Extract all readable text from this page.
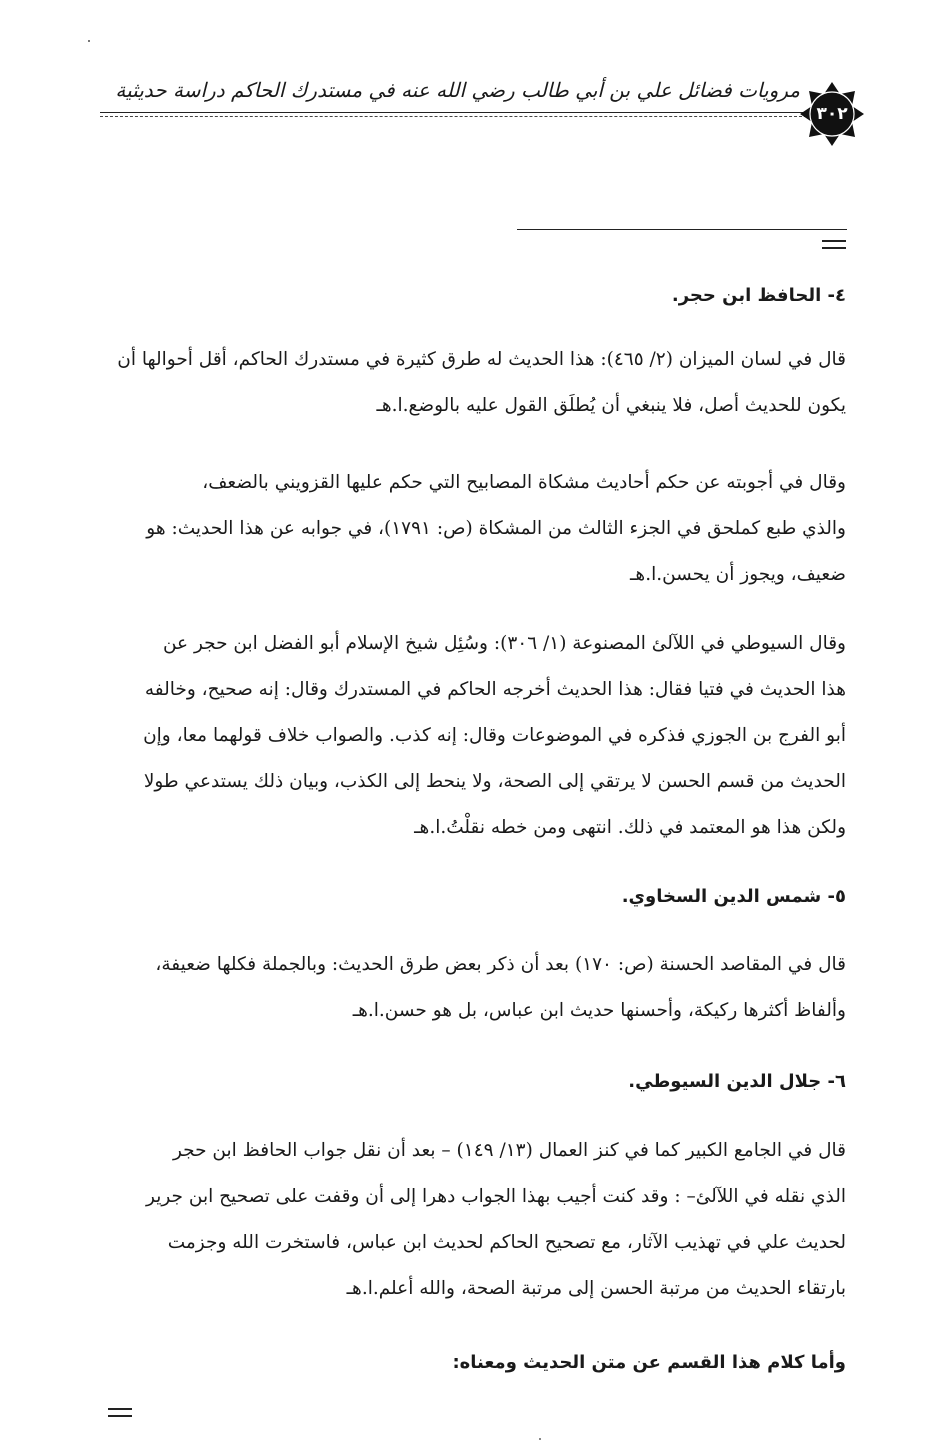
مرويات فضائل علي بن أبي طالب رضي الله عنه في مستدرك الحاكم دراسة حديثية
٣٠٢
٤- الحافظ ابن حجر.
قال في لسان الميزان (٢/ ٤٦٥): هذا الحديث له طرق كثيرة في مستدرك الحاكم، أقل أحوالها أن
يكون للحديث أصل، فلا ينبغي أن يُطلَق القول عليه بالوضع.ا.هـ
وقال في أجوبته عن حكم أحاديث مشكاة المصابيح التي حكم عليها القزويني بالضعف،
والذي طبع كملحق في الجزء الثالث من المشكاة (ص: ١٧٩١)، في جوابه عن هذا الحديث: هو
ضعيف، ويجوز أن يحسن.ا.هـ
وقال السيوطي في اللآلئ المصنوعة (١/ ٣٠٦): وسُئِل شيخ الإسلام أبو الفضل ابن حجر عن
هذا الحديث في فتيا فقال: هذا الحديث أخرجه الحاكم في المستدرك وقال: إنه صحيح، وخالفه
أبو الفرج بن الجوزي فذكره في الموضوعات وقال: إنه كذب. والصواب خلاف قولهما معا، وإن
الحديث من قسم الحسن لا يرتقي إلى الصحة، ولا ينحط إلى الكذب، وبيان ذلك يستدعي طولا
ولكن هذا هو المعتمد في ذلك. انتهى ومن خطه نقلْتُ.ا.هـ
٥- شمس الدين السخاوي.
قال في المقاصد الحسنة (ص: ١٧٠) بعد أن ذكر بعض طرق الحديث: وبالجملة فكلها ضعيفة،
وألفاظ أكثرها ركيكة، وأحسنها حديث ابن عباس، بل هو حسن.ا.هـ
٦- جلال الدين السيوطي.
قال في الجامع الكبير كما في كنز العمال (١٣/ ١٤٩) – بعد أن نقل جواب الحافظ ابن حجر
الذي نقله في اللآلئ– : وقد كنت أجيب بهذا الجواب دهرا إلى أن وقفت على تصحيح ابن جرير
لحديث علي في تهذيب الآثار، مع تصحيح الحاكم لحديث ابن عباس، فاستخرت الله وجزمت
بارتقاء الحديث من مرتبة الحسن إلى مرتبة الصحة، والله أعلم.ا.هـ
وأما كلام هذا القسم عن متن الحديث ومعناه:
